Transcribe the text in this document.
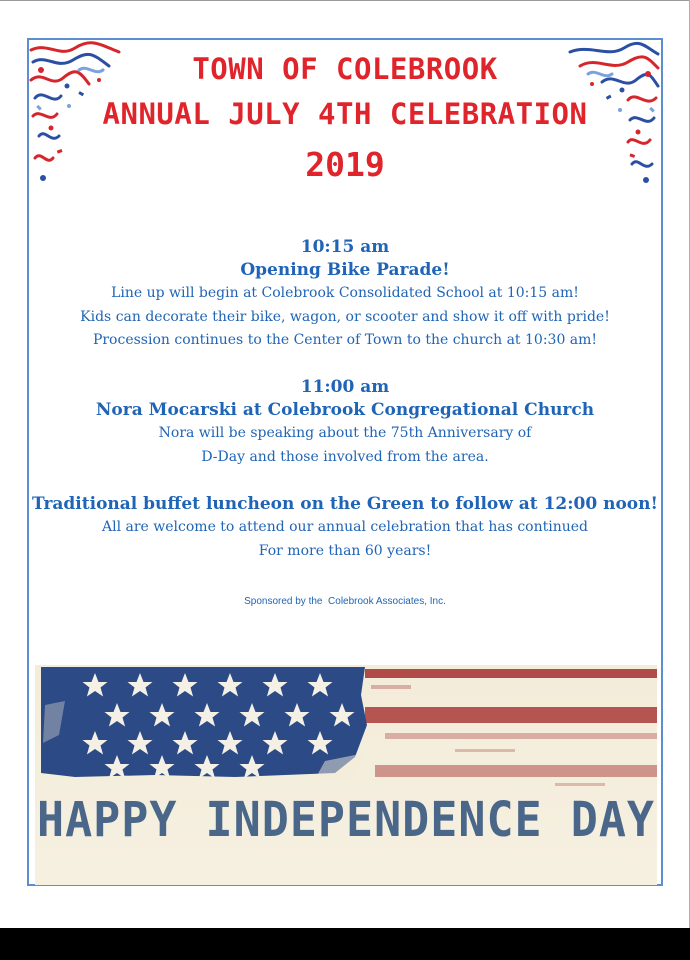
TOWN OF COLEBROOK
ANNUAL JULY 4TH CELEBRATION
2019
10:15 am
Opening Bike Parade!
Line up will begin at Colebrook Consolidated School at 10:15 am!
Kids can decorate their bike, wagon, or scooter and show it off with pride!
Procession continues to the Center of Town to the church at 10:30 am!
11:00 am
Nora Mocarski at Colebrook Congregational Church
Nora will be speaking about the 75th Anniversary of
D-Day and those involved from the area.
Traditional buffet luncheon on the Green to follow at 12:00 noon!
All are welcome to attend our annual celebration that has continued
For more than 60 years!
Sponsored by the  Colebrook Associates, Inc.
HAPPY INDEPENDENCE DAY
